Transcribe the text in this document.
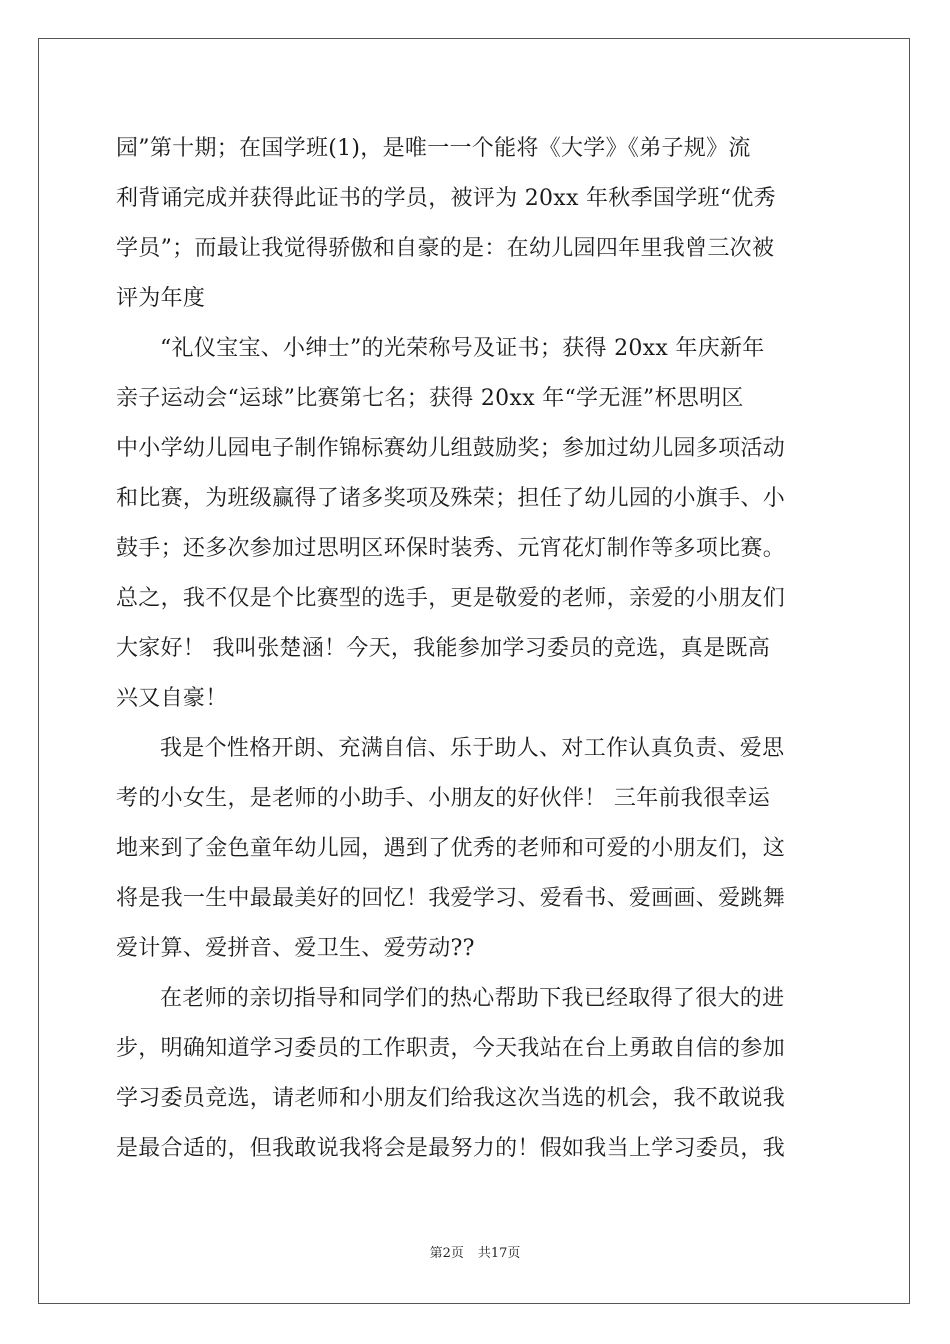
园”第十期；在国学班(1)，是唯一一个能将《大学》《弟子规》流
利背诵完成并获得此证书的学员，被评为 20xx 年秋季国学班“优秀
学员”；而最让我觉得骄傲和自豪的是：在幼儿园四年里我曾三次被
评为年度
“礼仪宝宝、小绅士”的光荣称号及证书；获得 20xx 年庆新年
亲子运动会“运球”比赛第七名；获得 20xx 年“学无涯”杯思明区
中小学幼儿园电子制作锦标赛幼儿组鼓励奖；参加过幼儿园多项活动
和比赛，为班级赢得了诸多奖项及殊荣；担任了幼儿园的小旗手、小
鼓手；还多次参加过思明区环保时装秀、元宵花灯制作等多项比赛。
总之，我不仅是个比赛型的选手，更是敬爱的老师，亲爱的小朋友们
大家好！ 我叫张楚涵！今天，我能参加学习委员的竞选，真是既高
兴又自豪！
我是个性格开朗、充满自信、乐于助人、对工作认真负责、爱思
考的小女生，是老师的小助手、小朋友的好伙伴！ 三年前我很幸运
地来到了金色童年幼儿园，遇到了优秀的老师和可爱的小朋友们，这
将是我一生中最最美好的回忆！我爱学习、爱看书、爱画画、爱跳舞
爱计算、爱拼音、爱卫生、爱劳动??
在老师的亲切指导和同学们的热心帮助下我已经取得了很大的进
步，明确知道学习委员的工作职责，今天我站在台上勇敢自信的参加
学习委员竞选，请老师和小朋友们给我这次当选的机会，我不敢说我
是最合适的，但我敢说我将会是最努力的！假如我当上学习委员，我
第2页 共17页
